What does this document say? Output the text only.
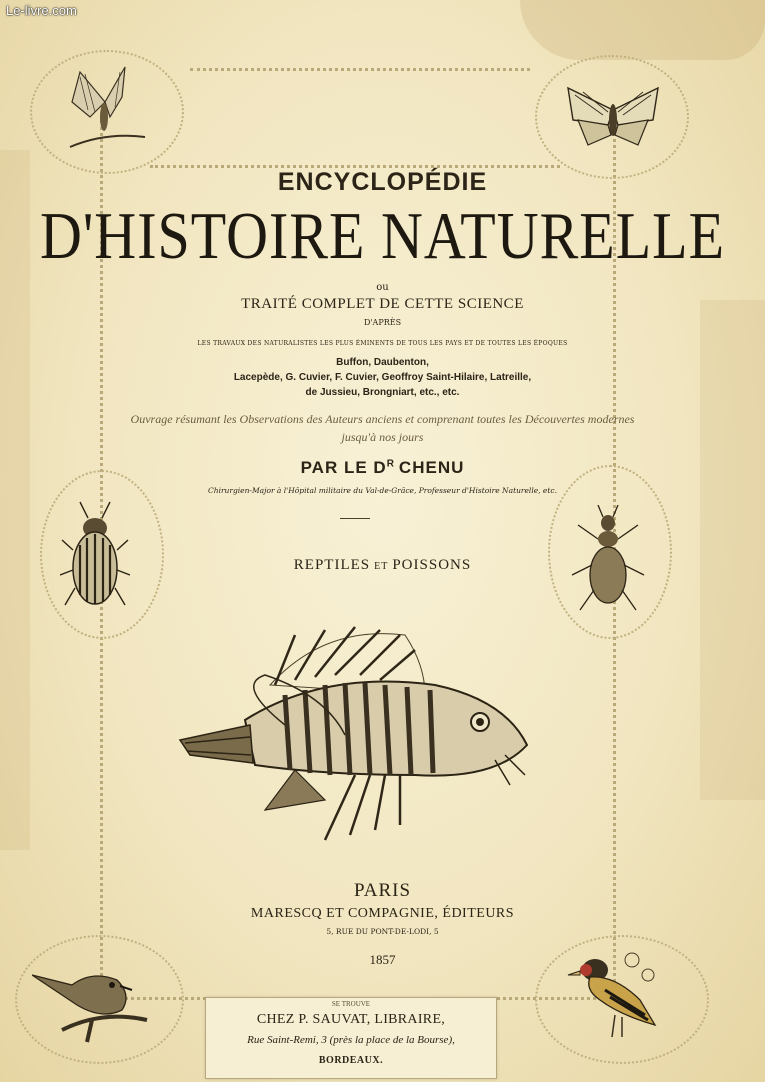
Le-livre.com
ENCYCLOPÉDIE
D'HISTOIRE NATURELLE
ou
TRAITÉ COMPLET DE CETTE SCIENCE
D'APRÈS
LES TRAVAUX DES NATURALISTES LES PLUS ÉMINENTS DE TOUS LES PAYS ET DE TOUTES LES ÉPOQUES
Buffon, Daubenton,
Lacepède, G. Cuvier, F. Cuvier, Geoffroy Saint-Hilaire, Latreille,
de Jussieu, Brongniart, etc., etc.
Ouvrage résumant les Observations des Auteurs anciens et comprenant toutes les Découvertes modernes
jusqu'à nos jours
PAR LE $D^R$ CHENU
Chirurgien-Major à l'Hôpital militaire du Val-de-Grâce, Professeur d'Histoire Naturelle, etc.
REPTILES ET POISSONS
PARIS
MARESCQ ET COMPAGNIE, ÉDITEURS
5, RUE DU PONT-DE-LODI, 5
1857
SE TROUVE
CHEZ P. SAUVAT, LIBRAIRE,
Rue Saint-Remi, 3 (près la place de la Bourse),
BORDEAUX.
